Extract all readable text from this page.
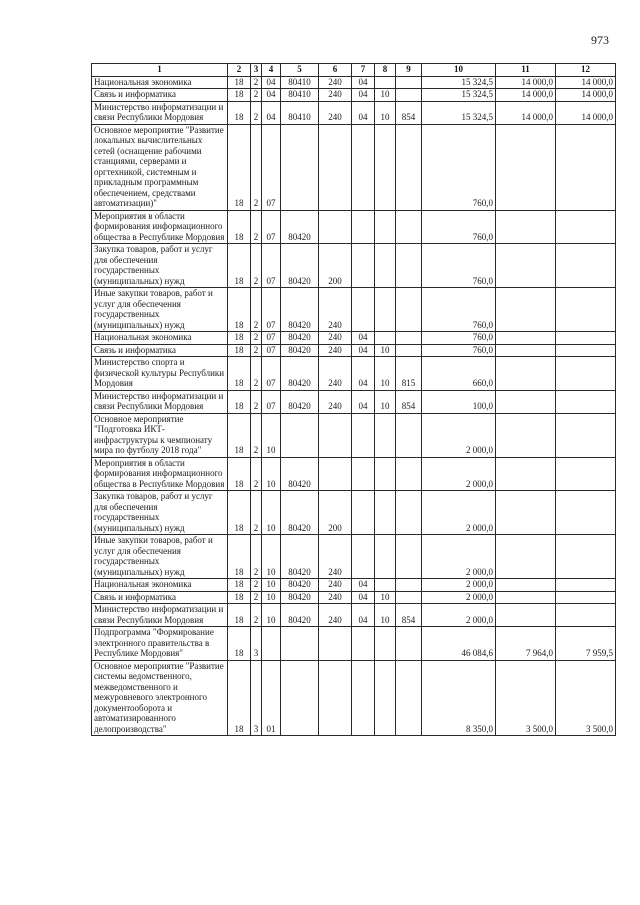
973
1	2	3	4	5	6	7	8	9	10	11	12
Национальная экономика	18	2	04	80410	240	04			15 324,5	14 000,0	14 000,0
Связь и информатика	18	2	04	80410	240	04	10		15 324,5	14 000,0	14 000,0
Министерство информатизации и связи Республики Мордовия	18	2	04	80410	240	04	10	854	15 324,5	14 000,0	14 000,0
Основное мероприятие "Развитие локальных вычислительных сетей (оснащение рабочими станциями, серверами и оргтехникой, системным и прикладным программным обеспечением, средствами автоматизации)"	18	2	07						760,0		
Мероприятия в области формирования информационного общества в Республике Мордовия	18	2	07	80420					760,0		
Закупка товаров, работ и услуг для обеспечения государственных (муниципальных) нужд	18	2	07	80420	200				760,0		
Иные закупки товаров, работ и услуг для обеспечения государственных (муниципальных) нужд	18	2	07	80420	240				760,0		
Национальная экономика	18	2	07	80420	240	04			760,0		
Связь и информатика	18	2	07	80420	240	04	10		760,0		
Министерство спорта и физической культуры Республики Мордовия	18	2	07	80420	240	04	10	815	660,0		
Министерство информатизации и связи Республики Мордовия	18	2	07	80420	240	04	10	854	100,0		
Основное мероприятие "Подготовка ИКТ-инфраструктуры к чемпионату мира по футболу 2018 года"	18	2	10						2 000,0		
Мероприятия в области формирования информационного общества в Республике Мордовия	18	2	10	80420					2 000,0		
Закупка товаров, работ и услуг для обеспечения государственных (муниципальных) нужд	18	2	10	80420	200				2 000,0		
Иные закупки товаров, работ и услуг для обеспечения государственных (муниципальных) нужд	18	2	10	80420	240				2 000,0		
Национальная экономика	18	2	10	80420	240	04			2 000,0		
Связь и информатика	18	2	10	80420	240	04	10		2 000,0		
Министерство информатизации и связи Республики Мордовия	18	2	10	80420	240	04	10	854	2 000,0		
Подпрограмма "Формирование электронного правительства в Республике Мордовия"	18	3							46 084,6	7 964,0	7 959,5
Основное мероприятие "Развитие системы ведомственного, межведомственного и межуровневого электронного документооборота и автоматизированного делопроизводства"	18	3	01						8 350,0	3 500,0	3 500,0
